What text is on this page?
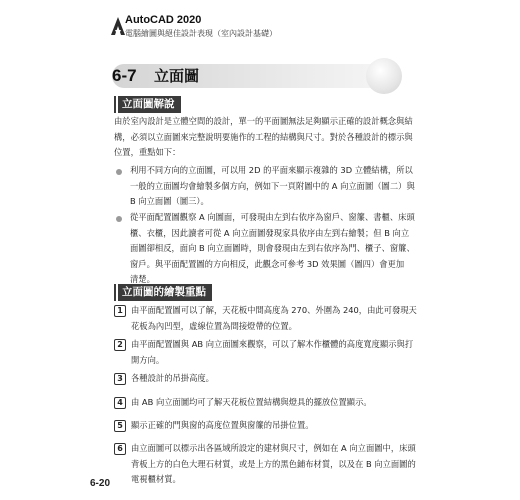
AutoCAD 2020
電腦繪圖與絕佳設計表現（室內設計基礎）
6-7 立面圖
立面圖解說
由於室內設計是立體空間的設計，單一的平面圖無法足夠顯示正確的設計概念與結
構，必須以立面圖來完整說明要施作的工程的結構與尺寸。對於各種設計的標示與
位置，重點如下：
利用不同方向的立面圖，可以用 2D 的平面來顯示複雜的 3D 立體結構，所以
一般的立面圖均會繪製多個方向，例如下一頁附圖中的 A 向立面圖（圖二）與
B 向立面圖（圖三）。
從平面配置圖觀察 A 向圖面，可發現由左到右依序為窗戶、窗簾、書櫃、床頭
櫃、衣櫃，因此讀者可從 A 向立面圖發現家具依序由左到右繪製；但 B 向立
面圖卻相反，面向 B 向立面圖時，則會發現由左到右依序為門、櫃子、窗簾、
窗戶。與平面配置圖的方向相反，此觀念可參考 3D 效果圖（圖四）會更加
清楚。
立面圖的繪製重點
1 由平面配置圖可以了解，天花板中間高度為 270、外圍為 240，由此可發現天
花板為內凹型，虛線位置為間接燈帶的位置。
2 由平面配置圖與 AB 向立面圖來觀察，可以了解木作櫃體的高度寬度顯示與打
開方向。
3 各種設計的吊掛高度。
4 由 AB 向立面圖均可了解天花板位置結構與燈具的擺放位置顯示。
5 顯示正確的門與窗的高度位置與窗簾的吊掛位置。
6 由立面圖可以標示出各區域所設定的建材與尺寸，例如在 A 向立面圖中，床頭
背板上方的白色大理石材質，或是上方的黑色鋪布材質，以及在 B 向立面圖的
電視櫃材質。
6-20
